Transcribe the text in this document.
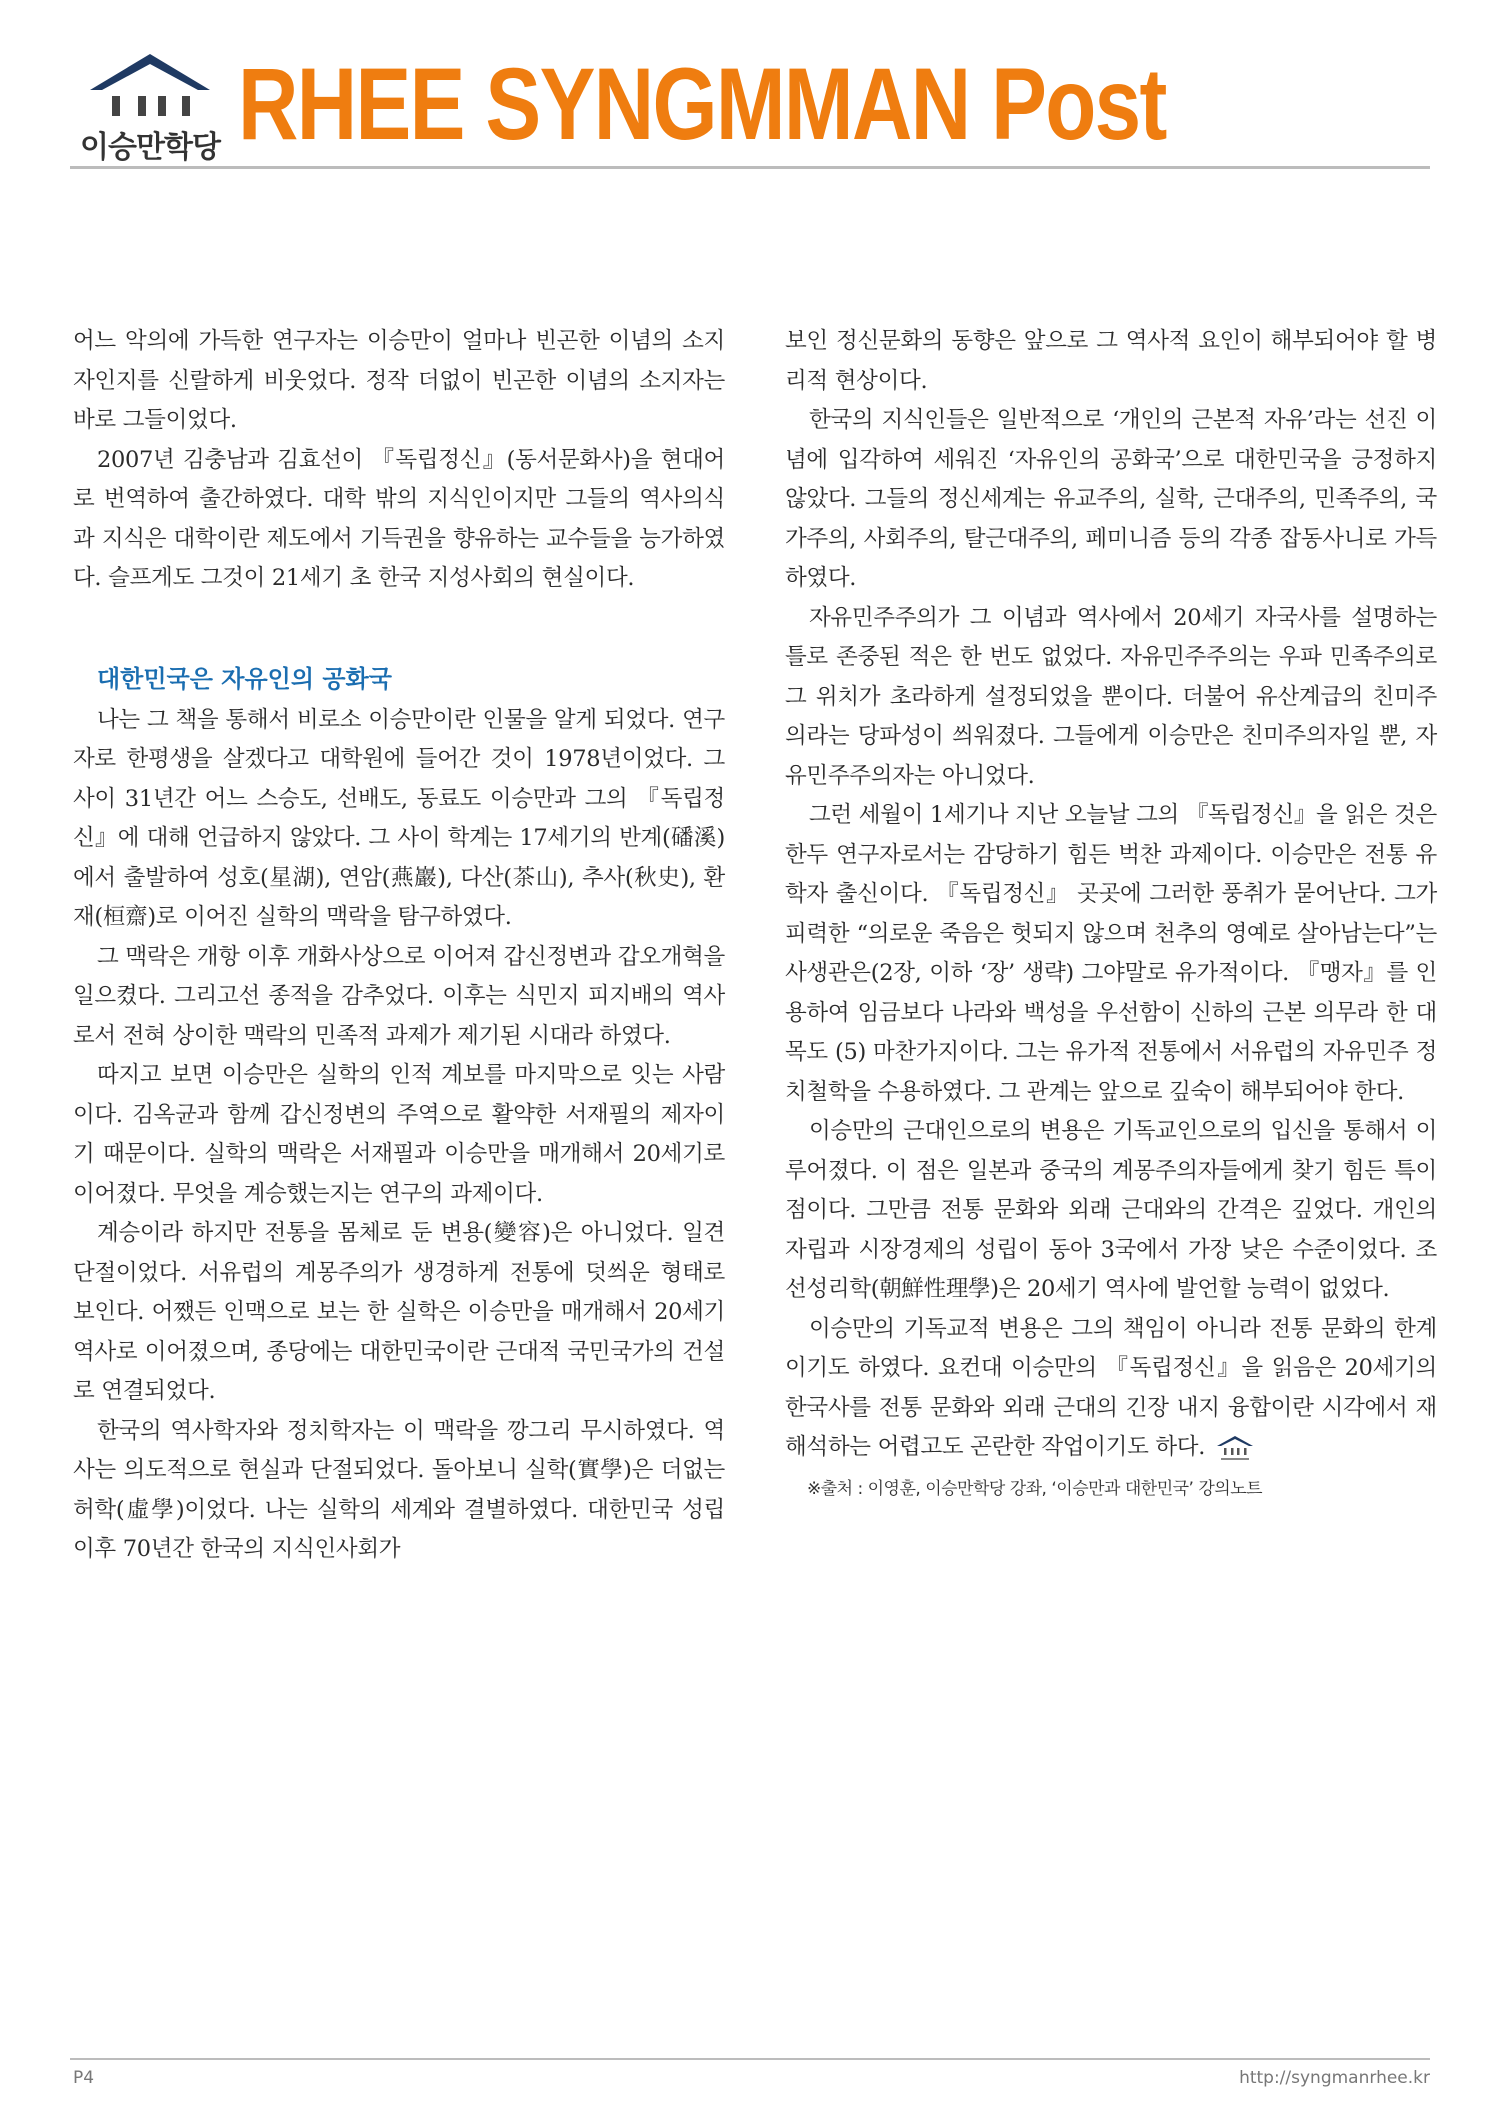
이승만학당 RHEE SYNGMMAN Post

어느 악의에 가득한 연구자는 이승만이 얼마나 빈곤한 이념의 소지자인지를 신랄하게 비웃었다. 정작 더없이 빈곤한 이념의 소지자는 바로 그들이었다.

2007년 김충남과 김효선이 『독립정신』(동서문화사)을 현대어로 번역하여 출간하였다. 대학 밖의 지식인이지만 그들의 역사의식과 지식은 대학이란 제도에서 기득권을 향유하는 교수들을 능가하였다. 슬프게도 그것이 21세기 초 한국 지성사회의 현실이다.

대한민국은 자유인의 공화국

나는 그 책을 통해서 비로소 이승만이란 인물을 알게 되었다. 연구자로 한평생을 살겠다고 대학원에 들어간 것이 1978년이었다. 그 사이 31년간 어느 스승도, 선배도, 동료도 이승만과 그의 『독립정신』에 대해 언급하지 않았다. 그 사이 학계는 17세기의 반계(磻溪)에서 출발하여 성호(星湖), 연암(燕巖), 다산(茶山), 추사(秋史), 환재(桓齋)로 이어진 실학의 맥락을 탐구하였다.

그 맥락은 개항 이후 개화사상으로 이어져 갑신정변과 갑오개혁을 일으켰다. 그리고선 종적을 감추었다. 이후는 식민지 피지배의 역사로서 전혀 상이한 맥락의 민족적 과제가 제기된 시대라 하였다.

따지고 보면 이승만은 실학의 인적 계보를 마지막으로 잇는 사람이다. 김옥균과 함께 갑신정변의 주역으로 활약한 서재필의 제자이기 때문이다. 실학의 맥락은 서재필과 이승만을 매개해서 20세기로 이어졌다. 무엇을 계승했는지는 연구의 과제이다.

계승이라 하지만 전통을 몸체로 둔 변용(變容)은 아니었다. 일견 단절이었다. 서유럽의 계몽주의가 생경하게 전통에 덧씌운 형태로 보인다. 어쨌든 인맥으로 보는 한 실학은 이승만을 매개해서 20세기 역사로 이어졌으며, 종당에는 대한민국이란 근대적 국민국가의 건설로 연결되었다.

한국의 역사학자와 정치학자는 이 맥락을 깡그리 무시하였다. 역사는 의도적으로 현실과 단절되었다. 돌아보니 실학(實學)은 더없는 허학(虛學)이었다. 나는 실학의 세계와 결별하였다. 대한민국 성립 이후 70년간 한국의 지식인사회가

보인 정신문화의 동향은 앞으로 그 역사적 요인이 해부되어야 할 병리적 현상이다.

한국의 지식인들은 일반적으로 ‘개인의 근본적 자유’라는 선진 이념에 입각하여 세워진 ‘자유인의 공화국’으로 대한민국을 긍정하지 않았다. 그들의 정신세계는 유교주의, 실학, 근대주의, 민족주의, 국가주의, 사회주의, 탈근대주의, 페미니즘 등의 각종 잡동사니로 가득하였다.

자유민주주의가 그 이념과 역사에서 20세기 자국사를 설명하는 틀로 존중된 적은 한 번도 없었다. 자유민주주의는 우파 민족주의로 그 위치가 초라하게 설정되었을 뿐이다. 더불어 유산계급의 친미주의라는 당파성이 씌워졌다. 그들에게 이승만은 친미주의자일 뿐, 자유민주주의자는 아니었다.

그런 세월이 1세기나 지난 오늘날 그의 『독립정신』을 읽은 것은 한두 연구자로서는 감당하기 힘든 벅찬 과제이다. 이승만은 전통 유학자 출신이다. 『독립정신』 곳곳에 그러한 풍취가 묻어난다. 그가 피력한 “의로운 죽음은 헛되지 않으며 천추의 영예로 살아남는다”는 사생관은(2장, 이하 ‘장’ 생략) 그야말로 유가적이다. 『맹자』를 인용하여 임금보다 나라와 백성을 우선함이 신하의 근본 의무라 한 대목도 (5) 마찬가지이다. 그는 유가적 전통에서 서유럽의 자유민주 정치철학을 수용하였다. 그 관계는 앞으로 깊숙이 해부되어야 한다.

이승만의 근대인으로의 변용은 기독교인으로의 입신을 통해서 이루어졌다. 이 점은 일본과 중국의 계몽주의자들에게 찾기 힘든 특이점이다. 그만큼 전통 문화와 외래 근대와의 간격은 깊었다. 개인의 자립과 시장경제의 성립이 동아 3국에서 가장 낮은 수준이었다. 조선성리학(朝鮮性理學)은 20세기 역사에 발언할 능력이 없었다.

이승만의 기독교적 변용은 그의 책임이 아니라 전통 문화의 한계이기도 하였다. 요컨대 이승만의 『독립정신』을 읽음은 20세기의 한국사를 전통 문화와 외래 근대의 긴장 내지 융합이란 시각에서 재해석하는 어렵고도 곤란한 작업이기도 하다.

※출처 : 이영훈, 이승만학당 강좌, ‘이승만과 대한민국’ 강의노트
P4	http://syngmanrhee.kr
